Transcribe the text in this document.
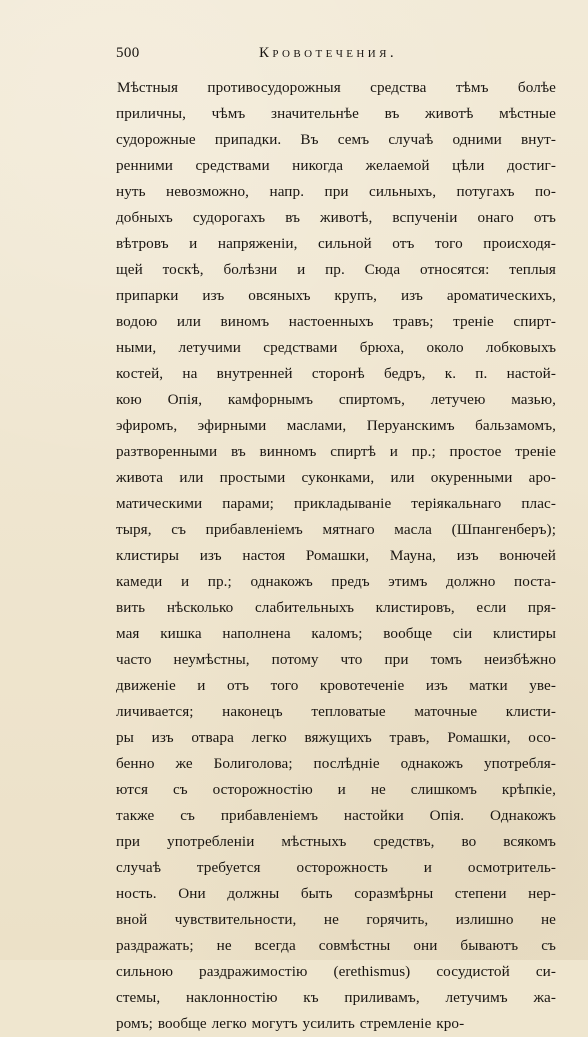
500	Кровотечения.
Мѣстныя противосудорожныя средства тѣмъ болѣе
приличны, чѣмъ значительнѣе въ животѣ мѣстные
судорожные припадки. Въ семъ случаѣ одними внут-
ренними средствами никогда желаемой цѣли достиг-
нуть невозможно, напр. при сильныхъ, потугахъ по-
добныхъ судорогахъ въ животѣ, вспученіи онаго отъ
вѣтровъ и напряженіи, сильной отъ того происходя-
щей тоскѣ, болѣзни и пр. Сюда относятся: теплыя
припарки изъ овсяныхъ крупъ, изъ ароматическихъ,
водою или виномъ настоенныхъ травъ; треніе спирт-
ными, летучими средствами брюха, около лобковыхъ
костей, на внутренней сторонѣ бедръ, к. п. настой-
кою Опія, камфорнымъ спиртомъ, летучею мазью,
эфиромъ, эфирными маслами, Перуанскимъ бальзамомъ,
разтворенными въ винномъ спиртѣ и пр.; простое треніе
живота или простыми суконками, или окуренными аро-
матическими парами; прикладываніе теріякальнаго плас-
тыря, съ прибавленіемъ мятнаго масла (Шпангенберъ);
клистиры изъ настоя Ромашки, Мауна, изъ вонючей
камеди и пр.; однакожъ предъ этимъ должно поста-
вить нѣсколько слабительныхъ клистировъ, если пря-
мая кишка наполнена каломъ; вообще сіи клистиры
часто неумѣстны, потому что при томъ неизбѣжно
движеніе и отъ того кровотеченіе изъ матки уве-
личивается; наконецъ тепловатые маточные клисти-
ры изъ отвара легко вяжущихъ травъ, Ромашки, осо-
бенно же Болиголова; послѣдніе однакожъ употребля-
ются съ осторожностію и не слишкомъ крѣпкіе,
также съ прибавленіемъ настойки Опія. Однакожъ
при употребленіи мѣстныхъ средствъ, во всякомъ
случаѣ требуется осторожность и осмотритель-
ность. Они должны быть соразмѣрны степени нер-
вной чувствительности, не горячить, излишно не
раздражать; не всегда совмѣстны они бываютъ съ
сильною раздражимостію (erethismus) сосудистой си-
стемы, наклонностію къ приливамъ, летучимъ жа-
ромъ; вообще легко могутъ усилить стремленіе кро-
